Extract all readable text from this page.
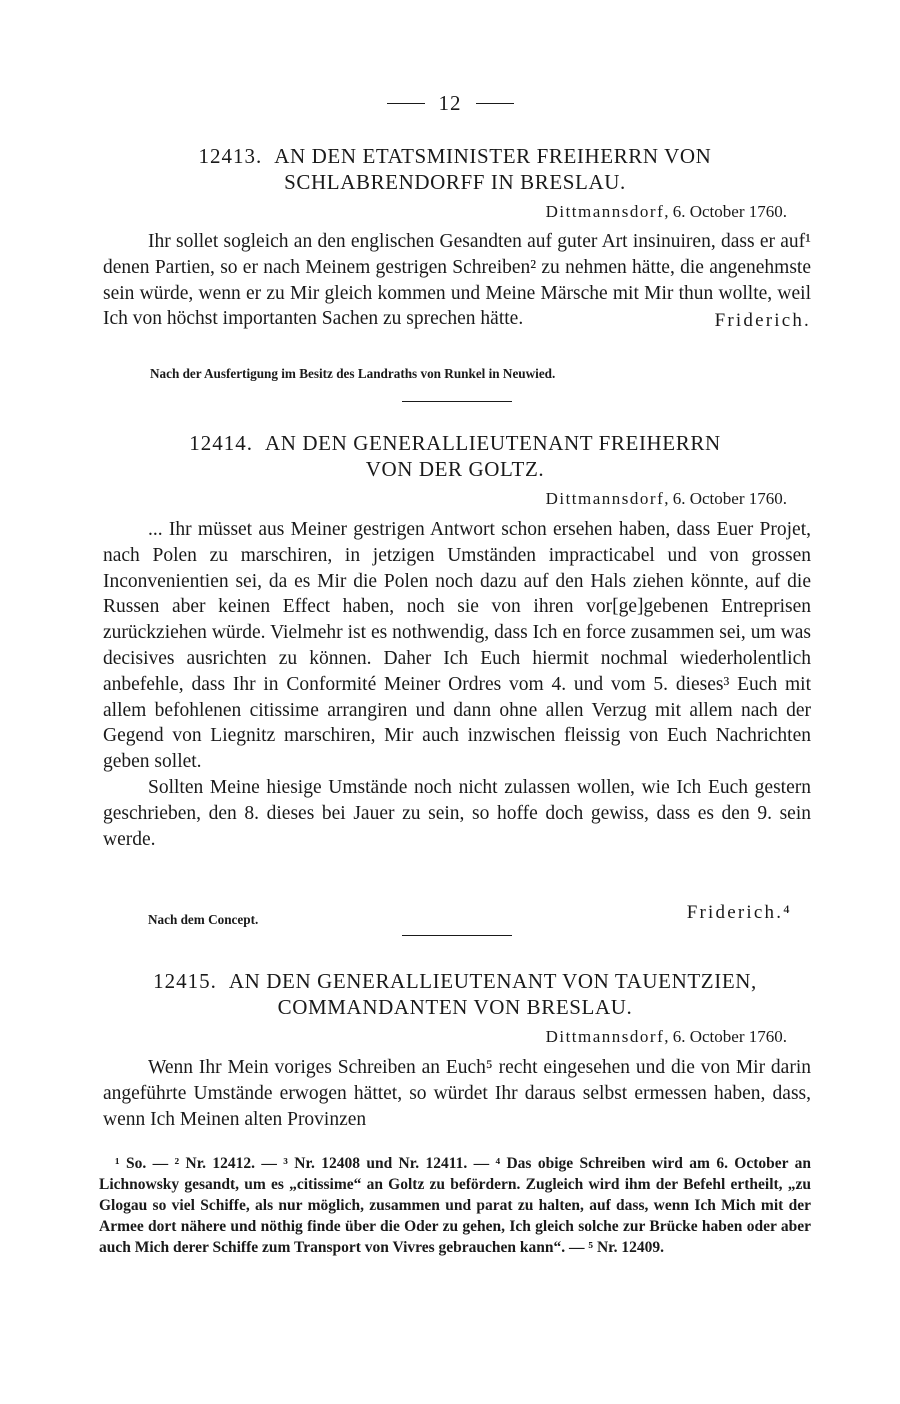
12
12413. AN DEN ETATSMINISTER FREIHERRN VON
SCHLABRENDORFF IN BRESLAU.
Dittmannsdorf, 6. October 1760.

Ihr sollet sogleich an den englischen Gesandten auf guter Art insinuiren, dass er auf¹ denen Partien, so er nach Meinem gestrigen Schreiben² zu nehmen hätte, die angenehmste sein würde, wenn er zu Mir gleich kommen und Meine Märsche mit Mir thun wollte, weil Ich von höchst importanten Sachen zu sprechen hätte.	Friderich.

Nach der Ausfertigung im Besitz des Landraths von Runkel in Neuwied.
12414. AN DEN GENERALLIEUTENANT FREIHERRN
VON DER GOLTZ.
Dittmannsdorf, 6. October 1760.

... Ihr müsset aus Meiner gestrigen Antwort schon ersehen haben, dass Euer Projet, nach Polen zu marschiren, in jetzigen Umständen impracticabel und von grossen Inconvenientien sei, da es Mir die Polen noch dazu auf den Hals ziehen könnte, auf die Russen aber keinen Effect haben, noch sie von ihren vor[ge]gebenen Entreprisen zurückziehen würde. Vielmehr ist es nothwendig, dass Ich en force zusammen sei, um was decisives ausrichten zu können. Daher Ich Euch hiermit nochmal wiederholentlich anbefehle, dass Ihr in Conformité Meiner Ordres vom 4. und vom 5. dieses³ Euch mit allem befohlenen citissime arrangiren und dann ohne allen Verzug mit allem nach der Gegend von Liegnitz marschiren, Mir auch inzwischen fleissig von Euch Nachrichten geben sollet.

Sollten Meine hiesige Umstände noch nicht zulassen wollen, wie Ich Euch gestern geschrieben, den 8. dieses bei Jauer zu sein, so hoffe doch gewiss, dass es den 9. sein werde.

Nach dem Concept.	Friderich.⁴
12415. AN DEN GENERALLIEUTENANT VON TAUENTZIEN,
COMMANDANTEN VON BRESLAU.
Dittmannsdorf, 6. October 1760.

Wenn Ihr Mein voriges Schreiben an Euch⁵ recht eingesehen und die von Mir darin angeführte Umstände erwogen hättet, so würdet Ihr daraus selbst ermessen haben, dass, wenn Ich Meinen alten Provinzen

¹ So. — ² Nr. 12412. — ³ Nr. 12408 und Nr. 12411. — ⁴ Das obige Schreiben wird am 6. October an Lichnowsky gesandt, um es „citissime“ an Goltz zu befördern. Zugleich wird ihm der Befehl ertheilt, „zu Glogau so viel Schiffe, als nur möglich, zusammen und parat zu halten, auf dass, wenn Ich Mich mit der Armee dort nähere und nöthig finde über die Oder zu gehen, Ich gleich solche zur Brücke haben oder aber auch Mich derer Schiffe zum Transport von Vivres gebrauchen kann“. — ⁵ Nr. 12409.
